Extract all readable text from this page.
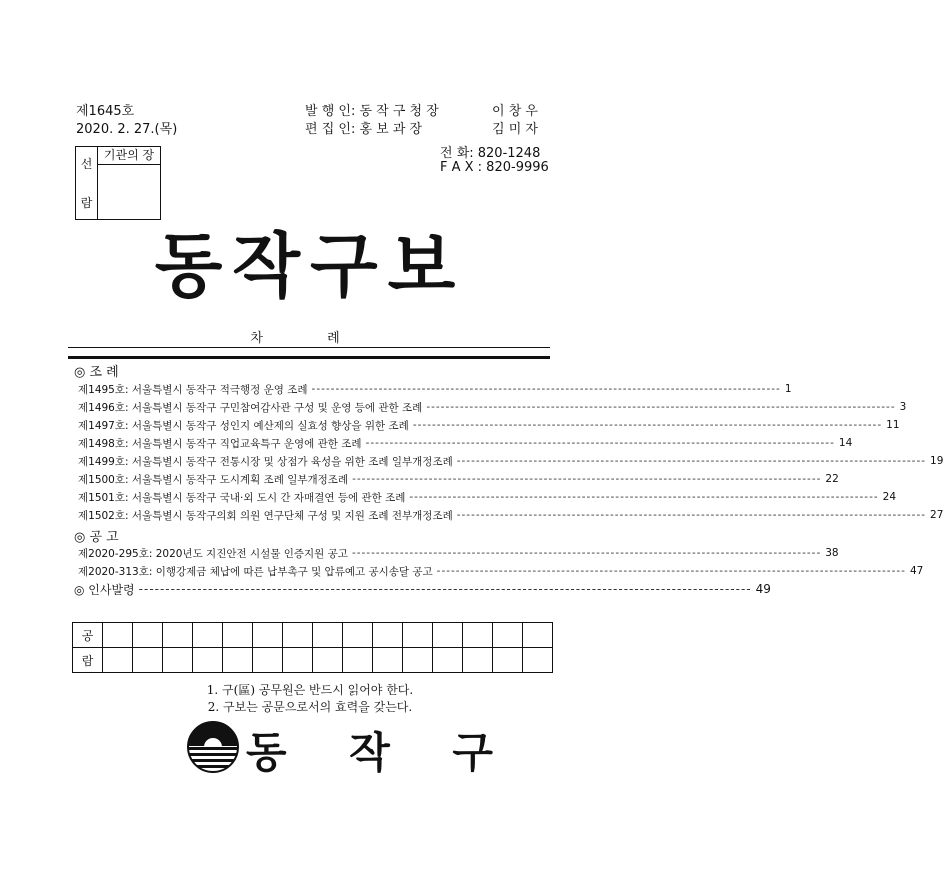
제1645호
2020. 2. 27.(목)
발 행 인: 동 작 구 청 장	이 창 우
편 집 인: 홍 보 과 장	김 미 자
전 화: 820-1248
F A X : 820-9996
선
람
기관의 장
동작구보
차 례
◎ 조 례
제1495호: 서울특별시 동작구 적극행정 운영 조례 -------------------------------------------------------------------------------------------------- 1
제1496호: 서울특별시 동작구 구민참여감사관 구성 및 운영 등에 관한 조례 -------------------------------------------------------------------------------------------------- 3
제1497호: 서울특별시 동작구 성인지 예산제의 실효성 향상을 위한 조례 -------------------------------------------------------------------------------------------------- 11
제1498호: 서울특별시 동작구 직업교육특구 운영에 관한 조례 -------------------------------------------------------------------------------------------------- 14
제1499호: 서울특별시 동작구 전통시장 및 상점가 육성을 위한 조례 일부개정조례 -------------------------------------------------------------------------------------------------- 19
제1500호: 서울특별시 동작구 도시계획 조례 일부개정조례 -------------------------------------------------------------------------------------------------- 22
제1501호: 서울특별시 동작구 국내·외 도시 간 자매결연 등에 관한 조례 -------------------------------------------------------------------------------------------------- 24
제1502호: 서울특별시 동작구의회 의원 연구단체 구성 및 지원 조례 전부개정조례 -------------------------------------------------------------------------------------------------- 27
◎ 공 고
제2020-295호: 2020년도 지진안전 시설물 인증지원 공고 -------------------------------------------------------------------------------------------------- 38
제2020-313호: 이행강제금 체납에 따른 납부촉구 및 압류예고 공시송달 공고 -------------------------------------------------------------------------------------------------- 47
◎ 인사발령 ------------------------------------------------------------------------------------------------------------------- 49
공															
람															
1. 구(區) 공무원은 반드시 읽어야 한다.
2. 구보는 공문으로서의 효력을 갖는다.
동 작 구
